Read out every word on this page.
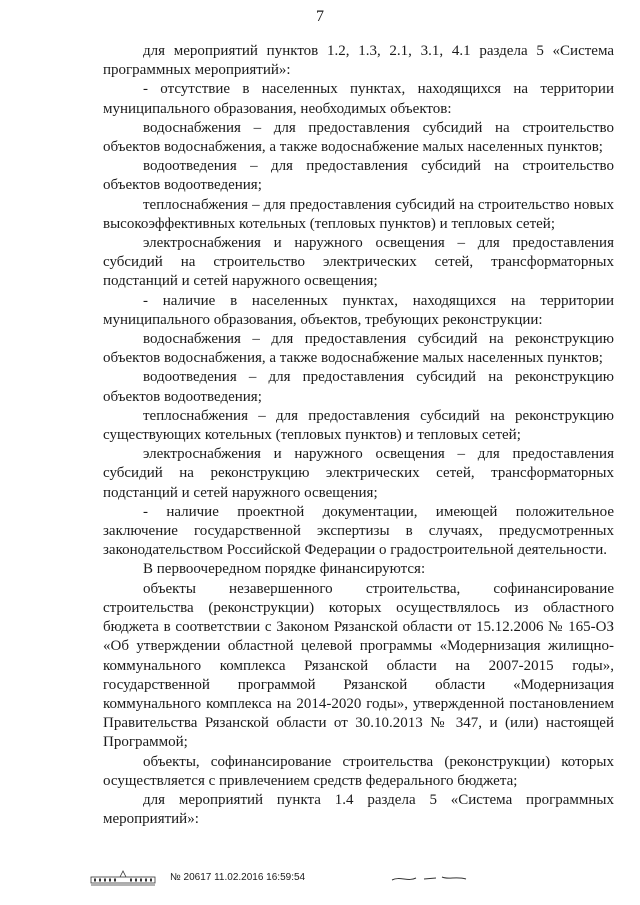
7

для мероприятий пунктов 1.2, 1.3, 2.1, 3.1, 4.1 раздела 5 «Система программных мероприятий»:

- отсутствие в населенных пунктах, находящихся на территории муниципального образования, необходимых объектов:

водоснабжения – для предоставления субсидий на строительство объектов водоснабжения, а также водоснабжение малых населенных пунктов;

водоотведения – для предоставления субсидий на строительство объектов водоотведения;

теплоснабжения – для предоставления субсидий на строительство новых высокоэффективных котельных (тепловых пунктов) и тепловых сетей;

электроснабжения и наружного освещения – для предоставления субсидий на строительство электрических сетей, трансформаторных подстанций и сетей наружного освещения;

- наличие в населенных пунктах, находящихся на территории муниципального образования, объектов, требующих реконструкции:

водоснабжения – для предоставления субсидий на реконструкцию объектов водоснабжения, а также водоснабжение малых населенных пунктов;

водоотведения – для предоставления субсидий на реконструкцию объектов водоотведения;

теплоснабжения – для предоставления субсидий на реконструкцию существующих котельных (тепловых пунктов) и тепловых сетей;

электроснабжения и наружного освещения – для предоставления субсидий на реконструкцию электрических сетей, трансформаторных подстанций и сетей наружного освещения;

- наличие проектной документации, имеющей положительное заключение государственной экспертизы в случаях, предусмотренных законодательством Российской Федерации о градостроительной деятельности.

В первоочередном порядке финансируются:

объекты незавершенного строительства, софинансирование строительства (реконструкции) которых осуществлялось из областного бюджета в соответствии с Законом Рязанской области от 15.12.2006 № 165-ОЗ «Об утверждении областной целевой программы «Модернизация жилищно-коммунального комплекса Рязанской области на 2007-2015 годы», государственной программой Рязанской области «Модернизация коммунального комплекса на 2014-2020 годы», утвержденной постановлением Правительства Рязанской области от 30.10.2013 № 347, и (или) настоящей Программой;

объекты, софинансирование строительства (реконструкции) которых осуществляется с привлечением средств федерального бюджета;

для мероприятий пункта 1.4 раздела 5 «Система программных мероприятий»:

№ 20617 11.02.2016 16:59:54
